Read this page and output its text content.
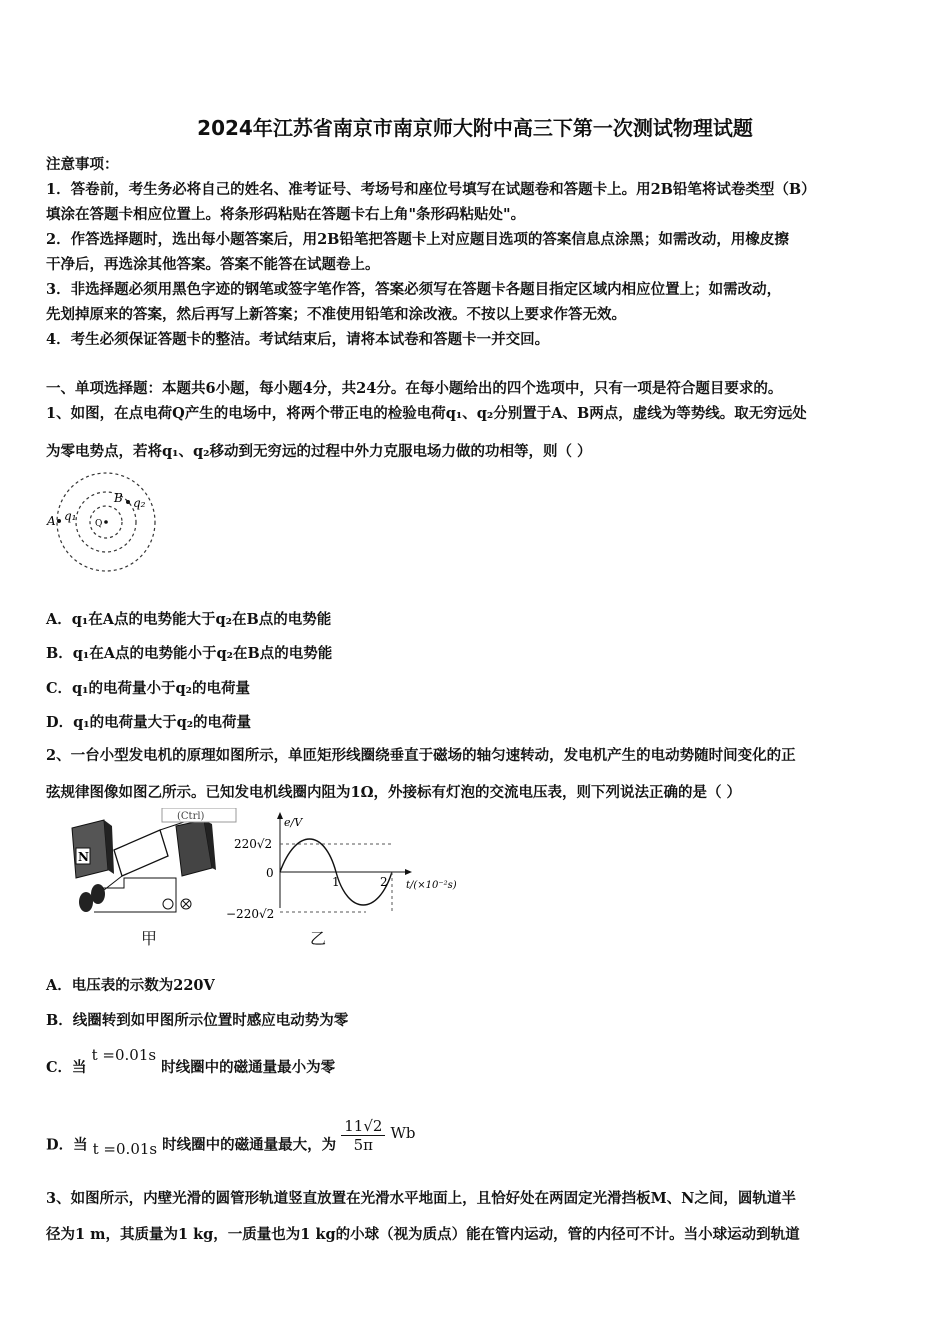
2024年江苏省南京市南京师大附中高三下第一次测试物理试题
注意事项：
1．答卷前，考生务必将自己的姓名、准考证号、考场号和座位号填写在试题卷和答题卡上。用2B铅笔将试卷类型（B）
填涂在答题卡相应位置上。将条形码粘贴在答题卡右上角"条形码粘贴处"。
2．作答选择题时，选出每小题答案后，用2B铅笔把答题卡上对应题目选项的答案信息点涂黑；如需改动，用橡皮擦
干净后，再选涂其他答案。答案不能答在试题卷上。
3．非选择题必须用黑色字迹的钢笔或签字笔作答，答案必须写在答题卡各题目指定区域内相应位置上；如需改动，
先划掉原来的答案，然后再写上新答案；不准使用铅笔和涂改液。不按以上要求作答无效。
4．考生必须保证答题卡的整洁。考试结束后，请将本试卷和答题卡一并交回。
一、单项选择题：本题共6小题，每小题4分，共24分。在每小题给出的四个选项中，只有一项是符合题目要求的。
1、如图，在点电荷Q产生的电场中，将两个带正电的检验电荷q₁、q₂分别置于A、B两点，虚线为等势线。取无穷远处
为零电势点，若将q₁、q₂移动到无穷远的过程中外力克服电场力做的功相等，则（ ）
Q
A q₁
B q₂
A．q₁在A点的电势能大于q₂在B点的电势能
B．q₁在A点的电势能小于q₂在B点的电势能
C．q₁的电荷量小于q₂的电荷量
D．q₁的电荷量大于q₂的电荷量
2、一台小型发电机的原理如图所示，单匝矩形线圈绕垂直于磁场的轴匀速转动，发电机产生的电动势随时间变化的正
弦规律图像如图乙所示。已知发电机线圈内阻为1Ω，外接标有灯泡的交流电压表，则下列说法正确的是（ ）
N
(Ctrl)
甲
e/V
220√2
0
−220√2
1	2 t/(×10⁻²s)
乙
A．电压表的示数为220V
B．线圈转到如甲图所示位置时感应电动势为零
C．当 t =0.01s 时线圈中的磁通量最小为零
D．当 t =0.01s 时线圈中的磁通量最大，为 $\frac{11√2}{5\pi}$ Wb
3、如图所示，内壁光滑的圆管形轨道竖直放置在光滑水平地面上，且恰好处在两固定光滑挡板M、N之间，圆轨道半
径为1 m，其质量为1 kg，一质量也为1 kg的小球（视为质点）能在管内运动，管的内径可不计。当小球运动到轨道
